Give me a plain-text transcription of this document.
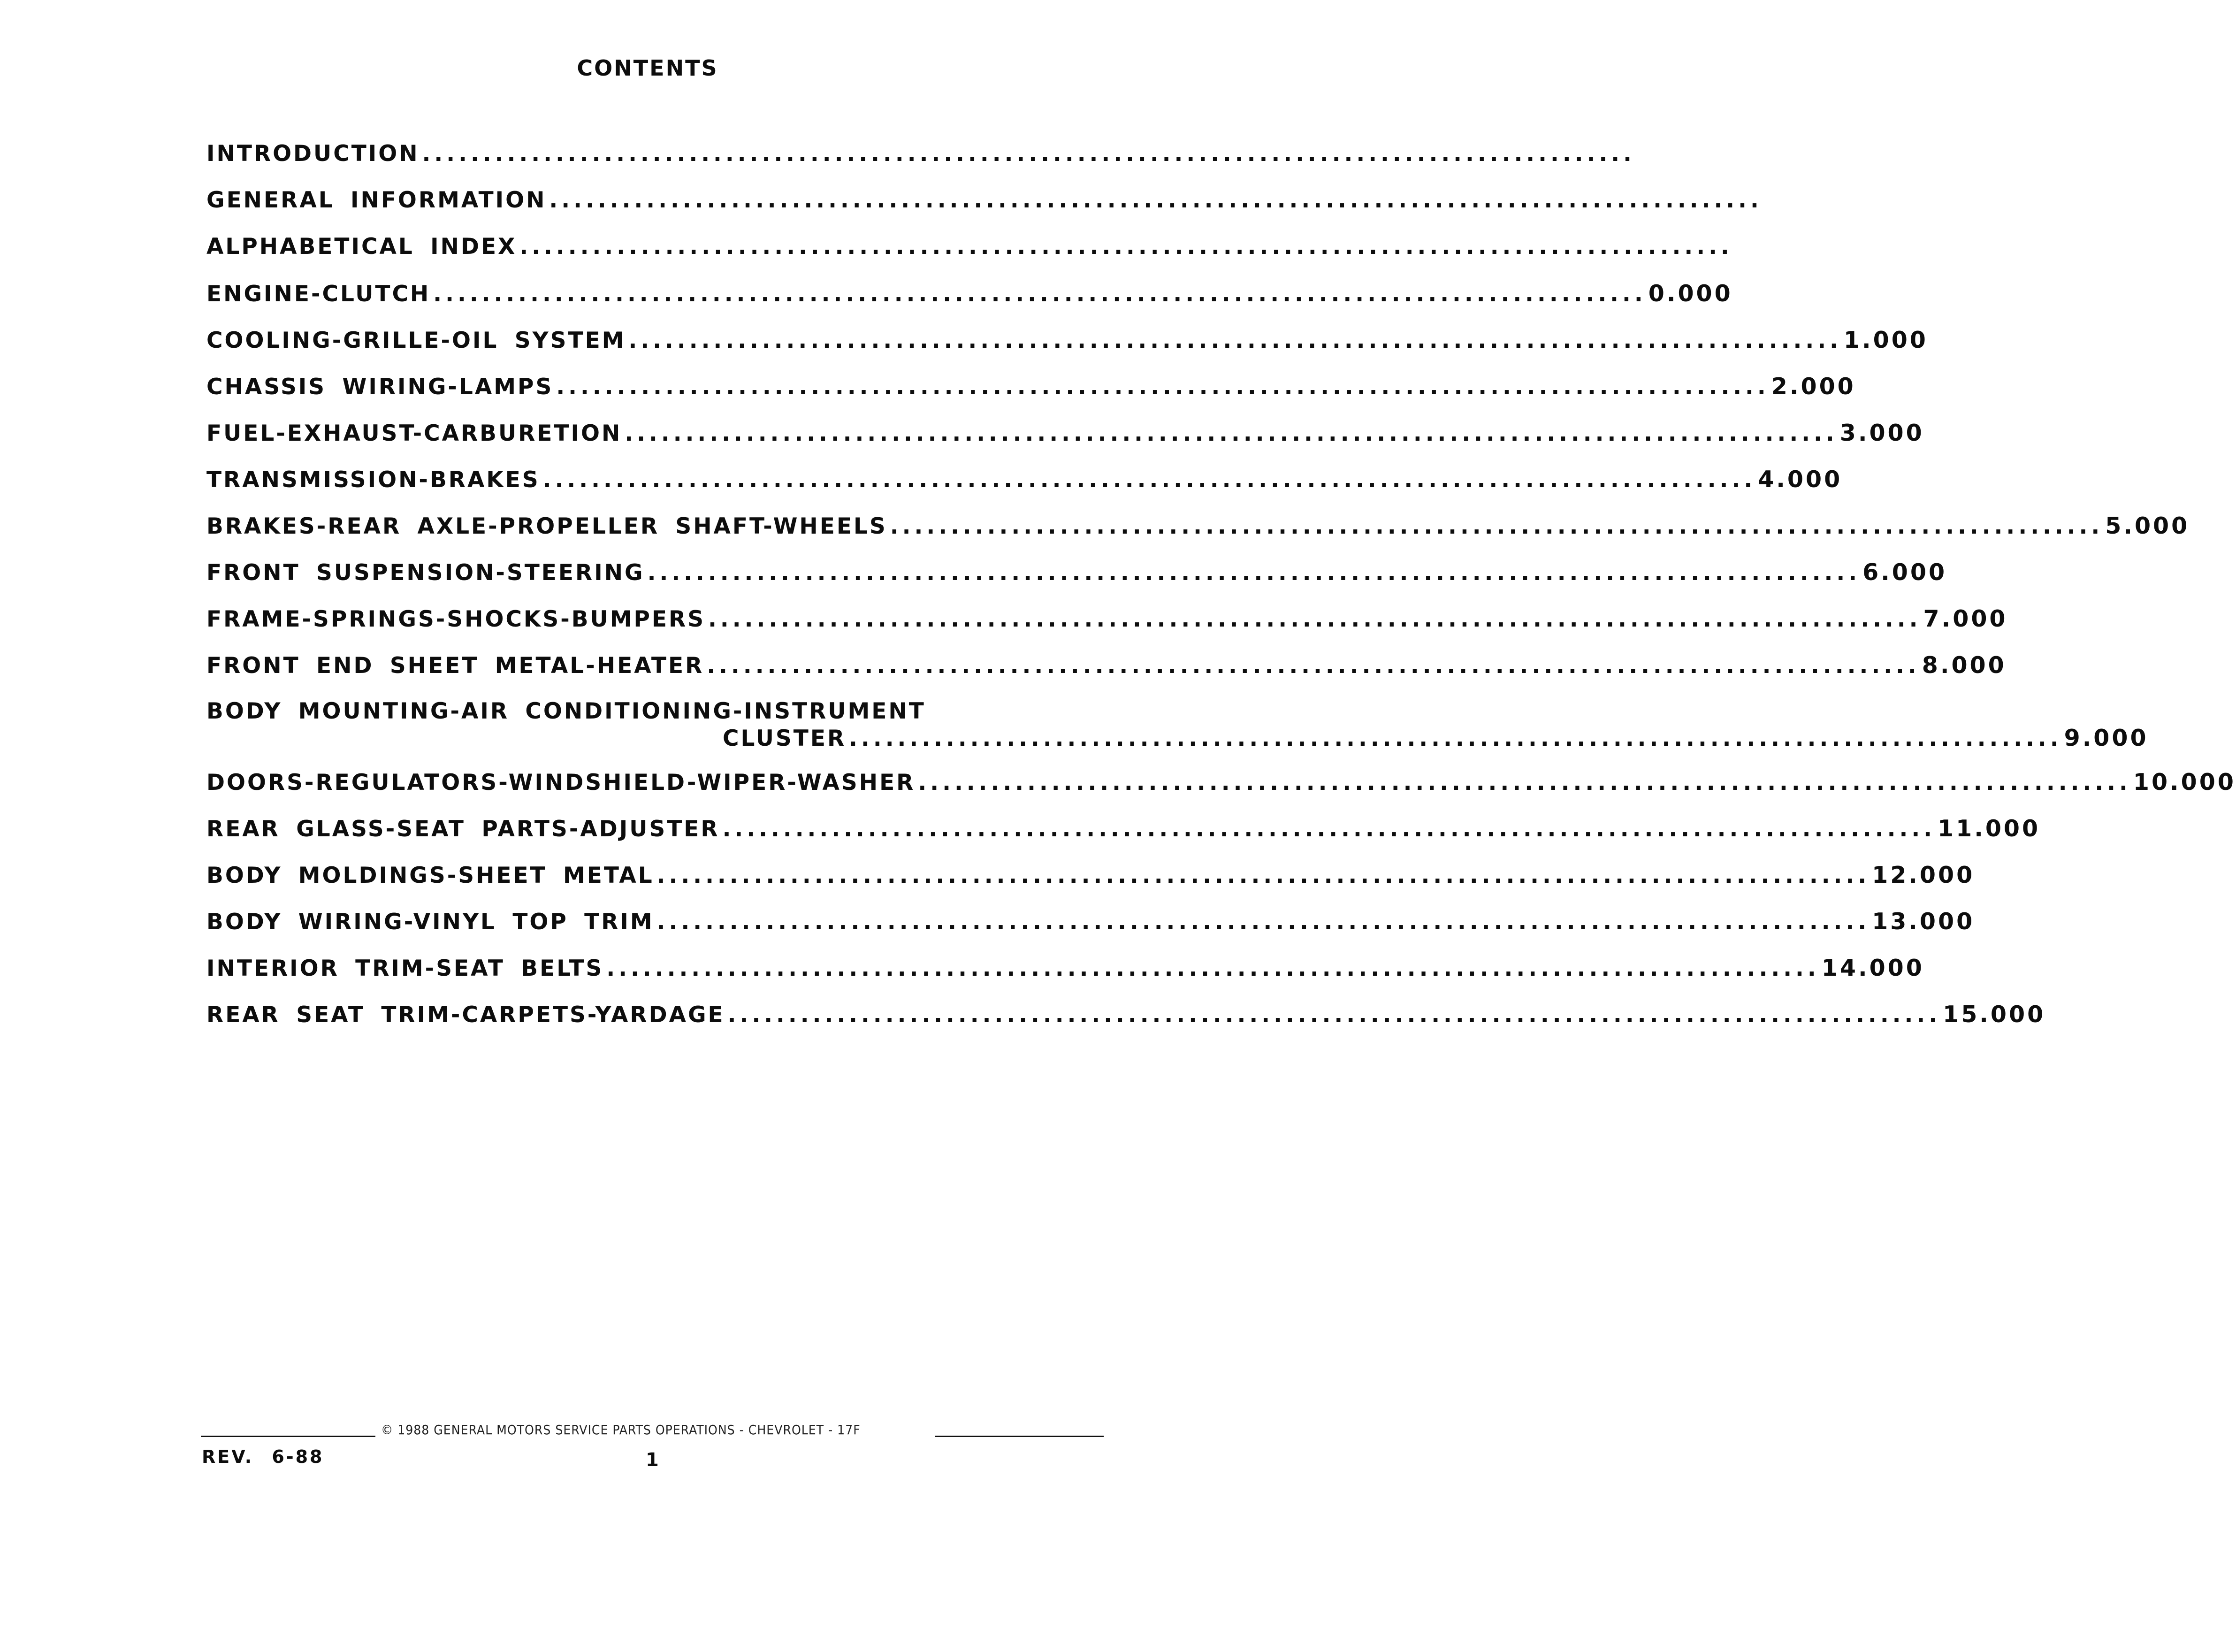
CONTENTS
INTRODUCTION ....................................................................................................
GENERAL INFORMATION ....................................................................................................
ALPHABETICAL INDEX ....................................................................................................
ENGINE-CLUTCH .................................................................................................... 0.000
COOLING-GRILLE-OIL SYSTEM .................................................................................................... 1.000
CHASSIS WIRING-LAMPS .................................................................................................... 2.000
FUEL-EXHAUST-CARBURETION .................................................................................................... 3.000
TRANSMISSION-BRAKES .................................................................................................... 4.000
BRAKES-REAR AXLE-PROPELLER SHAFT-WHEELS .................................................................................................... 5.000
FRONT SUSPENSION-STEERING .................................................................................................... 6.000
FRAME-SPRINGS-SHOCKS-BUMPERS .................................................................................................... 7.000
FRONT END SHEET METAL-HEATER .................................................................................................... 8.000
BODY MOUNTING-AIR CONDITIONING-INSTRUMENT
CLUSTER .................................................................................................... 9.000
DOORS-REGULATORS-WINDSHIELD-WIPER-WASHER .................................................................................................... 10.000
REAR GLASS-SEAT PARTS-ADJUSTER .................................................................................................... 11.000
BODY MOLDINGS-SHEET METAL .................................................................................................... 12.000
BODY WIRING-VINYL TOP TRIM .................................................................................................... 13.000
INTERIOR TRIM-SEAT BELTS .................................................................................................... 14.000
REAR SEAT TRIM-CARPETS-YARDAGE .................................................................................................... 15.000
© 1988 GENERAL MOTORS SERVICE PARTS OPERATIONS - CHEVROLET - 17F
REV. 6-88	1
